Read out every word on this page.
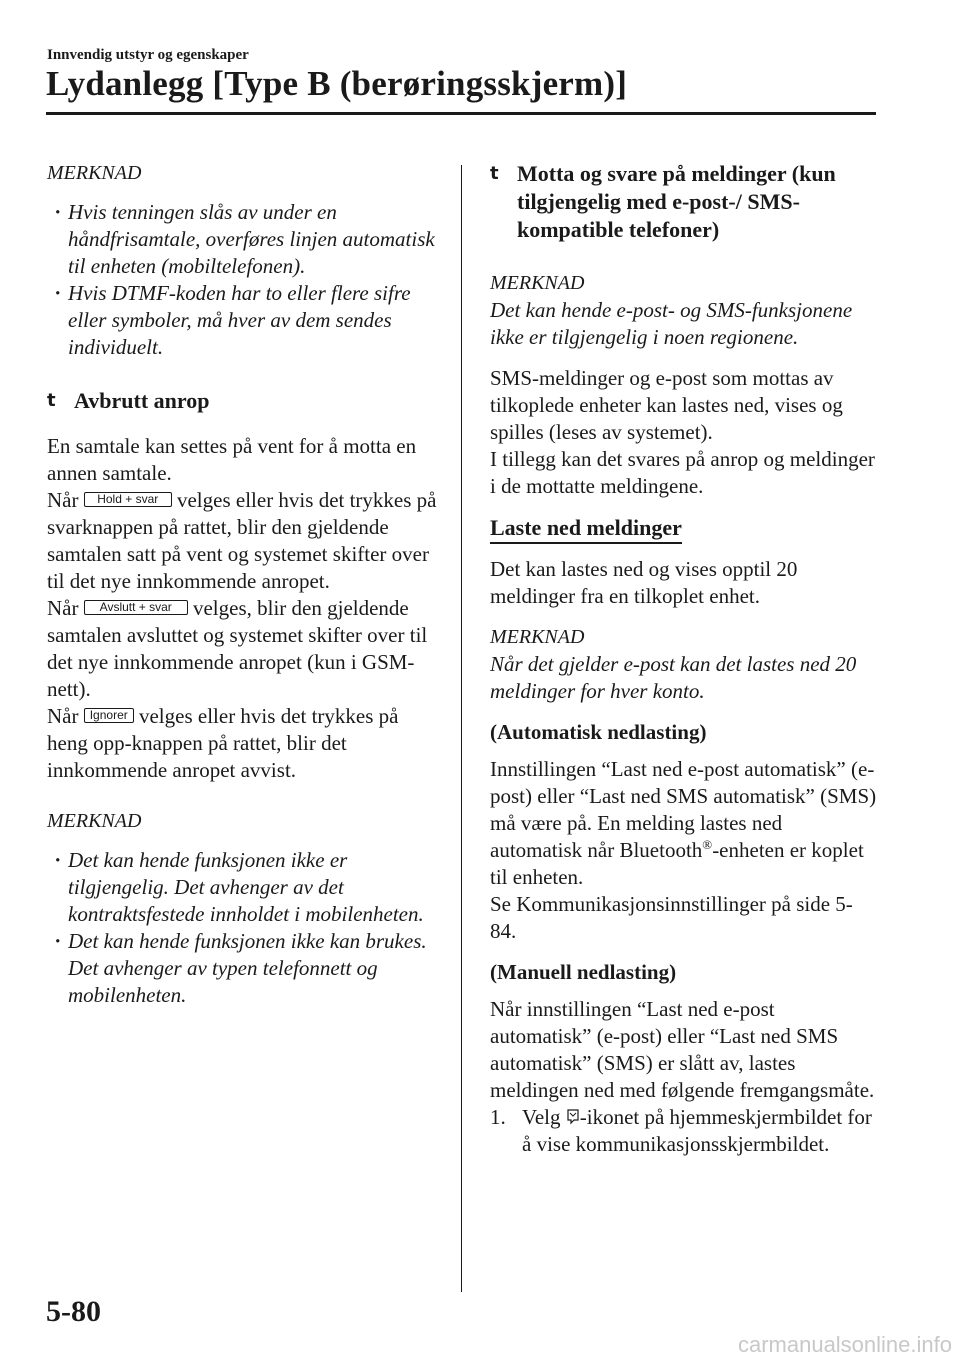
Innvendig utstyr og egenskaper
Lydanlegg [Type B (berøringsskjerm)]

MERKNAD

· Hvis tenningen slås av under en håndfrisamtale, overføres linjen automatisk til enheten (mobiltelefonen).

· Hvis DTMF-koden har to eller flere sifre eller symboler, må hver av dem sendes individuelt.

t Avbrutt anrop

En samtale kan settes på vent for å motta en annen samtale.

Når Hold + svar velges eller hvis det trykkes på svarknappen på rattet, blir den gjeldende samtalen satt på vent og systemet skifter over til det nye innkommende anropet.

Når Avslutt + svar velges, blir den gjeldende samtalen avsluttet og systemet skifter over til det nye innkommende anropet (kun i GSM-nett).

Når Ignorer velges eller hvis det trykkes på heng opp-knappen på rattet, blir det innkommende anropet avvist.

MERKNAD

· Det kan hende funksjonen ikke er tilgjengelig. Det avhenger av det kontraktsfestede innholdet i mobilenheten.

· Det kan hende funksjonen ikke kan brukes. Det avhenger av typen telefonnett og mobilenheten.

t Motta og svare på meldinger (kun tilgjengelig med e-post-/ SMS-kompatible telefoner)

MERKNAD

Det kan hende e-post- og SMS-funksjonene ikke er tilgjengelig i noen regionene.

SMS-meldinger og e-post som mottas av tilkoplede enheter kan lastes ned, vises og spilles (leses av systemet).

I tillegg kan det svares på anrop og meldinger i de mottatte meldingene.

Laste ned meldinger

Det kan lastes ned og vises opptil 20 meldinger fra en tilkoplet enhet.

MERKNAD

Når det gjelder e-post kan det lastes ned 20 meldinger for hver konto.

(Automatisk nedlasting)

Innstillingen “Last ned e-post automatisk” (e-post) eller “Last ned SMS automatisk” (SMS) må være på. En melding lastes ned automatisk når Bluetooth®-enheten er koplet til enheten.

Se Kommunikasjonsinnstillinger på side 5-84.

(Manuell nedlasting)

Når innstillingen “Last ned e-post automatisk” (e-post) eller “Last ned SMS automatisk” (SMS) er slått av, lastes meldingen ned med følgende fremgangsmåte.

1. Velg -ikonet på hjemmeskjermbildet for å vise kommunikasjonsskjermbildet.
5-80
carmanualsonline.info
